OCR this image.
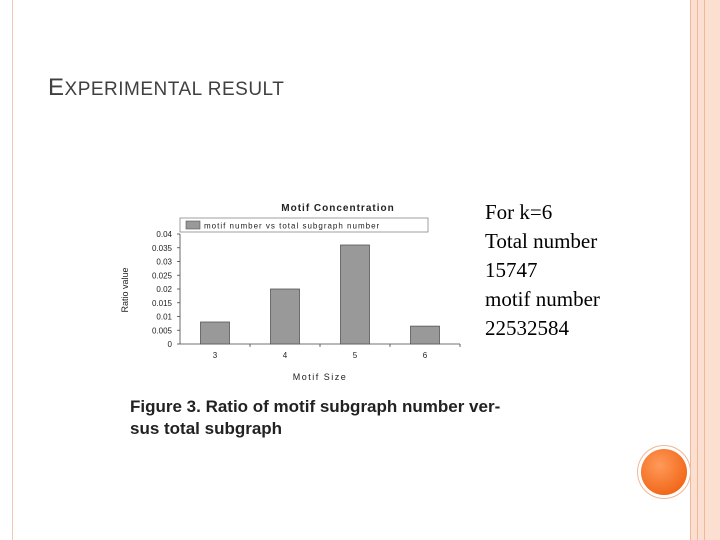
EXPERIMENTAL RESULT
Motif Concentration
motif number vs total subgraph number
Ratio value
Motif Size
0
0.005
0.01
0.015
0.02
0.025
0.03
0.035
0.04
3	4	5	6

Figure 3. Ratio of motif subgraph number ver- sus total subgraph

For k=6
Total number
15747
motif number
22532584
